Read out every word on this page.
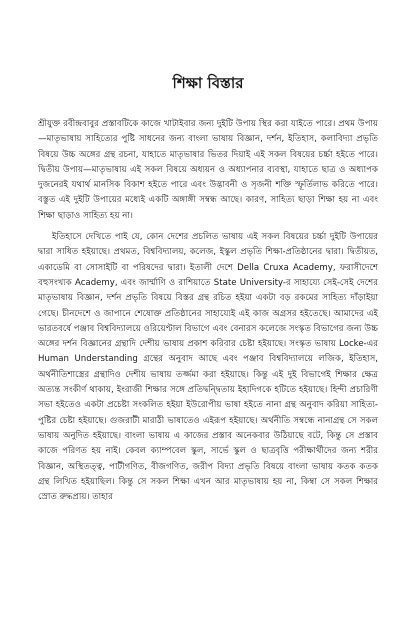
শিক্ষা বিস্তার

শ্রীযুক্ত রবীন্দ্রবাবুর প্রস্তাবটিকে কাজে খাটাইবার জন্য দুইটি উপায় স্থির করা যাইতে পারে। প্রথম উপায়—মাতৃভাষায় সাহিত্যের পুষ্টি সাধনের জন্য বাংলা ভাষায় বিজ্ঞান, দর্শন, ইতিহাস, কলাবিদ্যা প্রভৃতি বিষয়ে উচ্চ অঙ্গের গ্রন্থ রচনা, যাহাতে মাতৃভাষার ভিতর দিয়াই এই সকল বিষয়ের চর্চ্চা হইতে পারে। দ্বিতীয় উপায়—মাতৃভাষায় এই সকল বিষয়ে অধ্যয়ন ও অধ্যাপনার ব্যবস্থা, যাহাতে ছাত্র ও অধ্যাপক দুজনেরই যথার্থ মানসিক বিকাশ হইতে পারে এবং উদ্ভাবনী ও সৃজনী শক্তি স্ফূর্তিলাভ করিতে পারে। বস্তুত এই দুইটি উপায়ের মধ্যেই একটি অঙ্গাঙ্গী সম্বন্ধ আছে। কারণ, সাহিত্য ছাড়া শিক্ষা হয় না এবং শিক্ষা ছাড়াও সাহিত্য হয় না।

ইতিহাসে দেখিতে পাই যে, কোন দেশের প্রচলিত ভাষায় এই সকল বিষয়ের চর্চ্চা দুইটি উপায়ের দ্বারা সাধিত হইয়াছে। প্রথমত, বিশ্ববিদ্যালয়, কলেজ, ইস্কুল প্রভৃতি শিক্ষা-প্রতিষ্ঠানের দ্বারা। দ্বিতীয়ত, একাডেমি বা সোসাইটি বা পরিষদের দ্বারা। ইতালী দেশে Della Cruxa Academy, ফরাসীদেশে বহুসংখ্যক Academy, এবং জার্ম্মাণি ও রাশিয়াতে State University-র সাহায্যে সেই-সেই দেশের মাতৃভাষায় বিজ্ঞান, দর্শন প্রভৃতি বিষয়ে বিস্তর গ্রন্থ রচিত হইয়া একটা বড় রকমের সাহিত্য দাঁড়াইয়া গেছে। চীনদেশে ও জাপানে শেষোক্ত প্রতিষ্ঠানের সাহায্যেই এই কাজ অগ্রসর হইতেছে। আমাদের এই ভারতবর্ষে পঞ্জাব বিশ্ববিদ্যালয়ে ওরিয়েণ্টাল বিভাগে এবং বেনারস কলেজে সংস্কৃত বিভাগের জন্য উচ্চ অঙ্গের দর্শন বিজ্ঞানের গ্রন্থাদি দেশীয় ভাষায় প্রকাশ করিবার চেষ্টা হইয়াছে। সংস্কৃত ভাষায় Locke-এর Human Understanding গ্রন্থের অনুবাদ আছে এবং পঞ্জাব বিশ্ববিদ্যালয়ে লজিক, ইতিহাস, অর্থনীতিশাস্ত্রের গ্রন্থাদিও দেশীয় ভাষায় তর্জ্জমা করা হইয়াছে। কিন্তু এই দুই বিভাগেই শিক্ষার ক্ষেত্র অত্যন্ত সংকীর্ণ থাকায়, ইংরাজী শিক্ষার সঙ্গে প্রতিদ্বন্দ্বিতায় ইহাদিগকে হটিতে হইয়াছে। হিন্দী প্রচারিণী সভা হইতেও একটা প্রচেষ্টা সংকলিত হইয়া ইউরোপীয় ভাষা হইতে নানা গ্রন্থ অনুবাদ করিয়া সাহিত্য-পুষ্টির চেষ্টা হইয়াছে। গুজরাটী মারাঠী ভাষাতেও এইরূপ হইয়াছে। অর্থনীতি সম্বন্ধে নানাগ্রন্থ সে সকল ভাষায় অনুদিত হইয়াছে। বাংলা ভাষায় এ কাজের প্রস্তাব অনেকবার উঠিয়াছে বটে, কিন্তু সে প্রস্তাব কাজে পরিণত হয় নাই। কেবল ক্যাম্পবেল স্কুল, সার্ভে স্কুল ও ছাত্রবৃত্তি পরীক্ষার্থীদের জন্য শরীর বিজ্ঞান, অস্থিতত্ত্ব, পাটীগণিত, বীজগণিত, জরীপ বিদ্যা প্রভৃতি বিষয়ে বাংলা ভাষায় কতক কতক গ্রন্থ লিখিত হইয়াছিল। কিন্তু সে সকল শিক্ষা এখন আর মাতৃভাষায় হয় না, কিম্বা সে সকল শিক্ষার স্রোত রুদ্ধপ্রায়। তাহার
